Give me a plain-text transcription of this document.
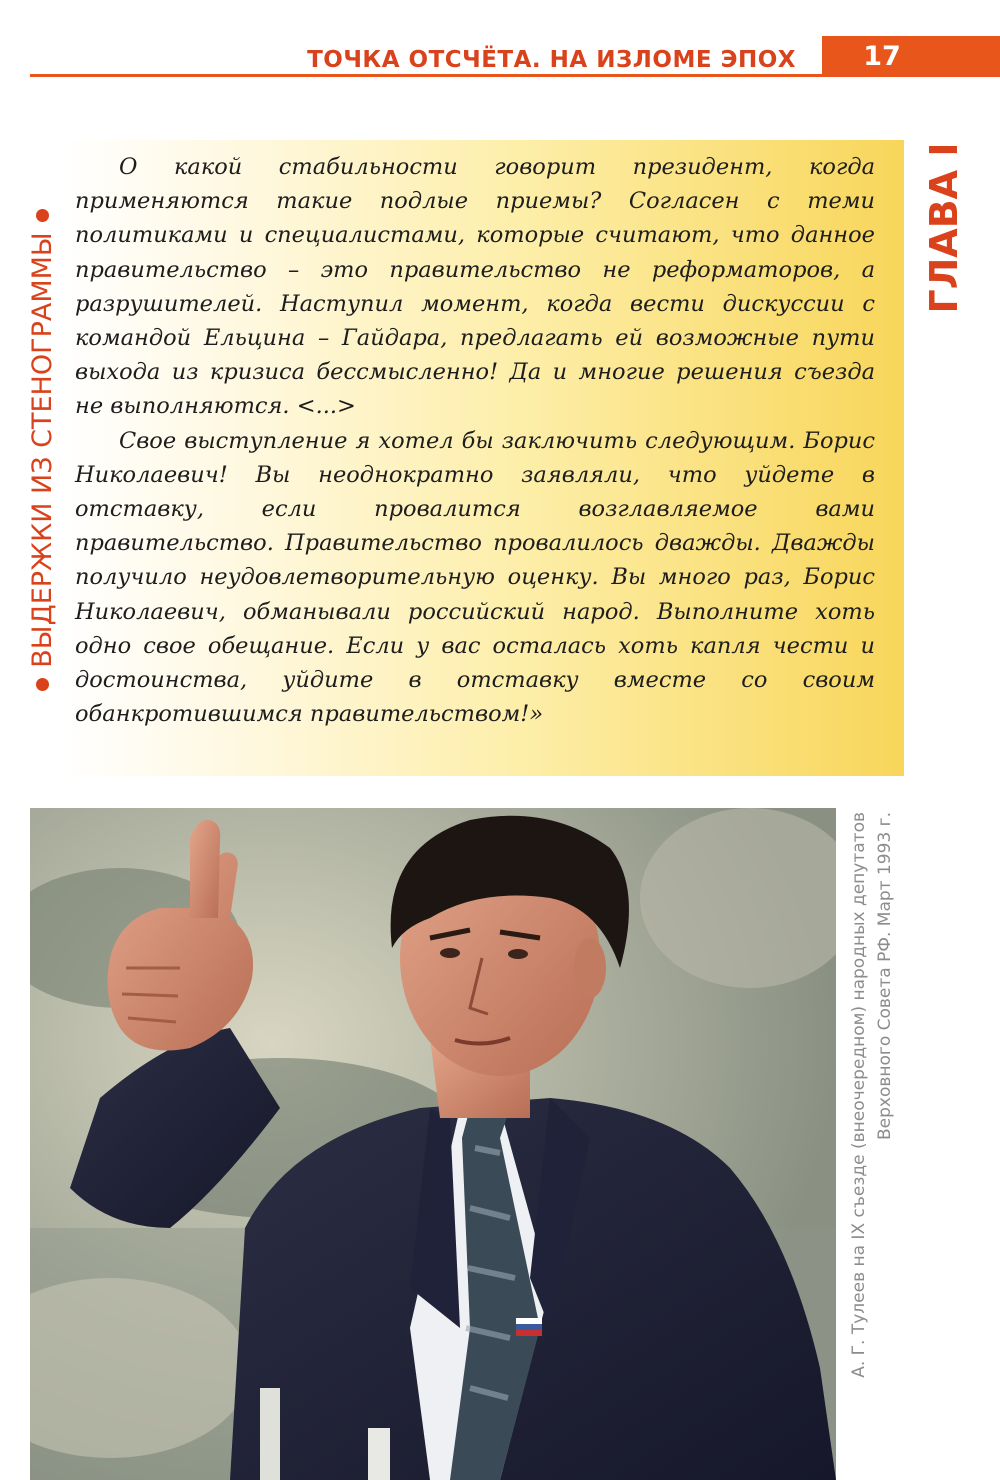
ТОЧКА ОТСЧЁТА. НА ИЗЛОМЕ ЭПОХ 17
ВЫДЕРЖКИ ИЗ СТЕНОГРАММЫ
ГЛАВА I

О какой стабильности говорит президент, когда применяются такие подлые приемы? Согласен с теми политиками и специалистами, которые считают, что данное правительство – это правительство не реформаторов, а разрушителей. Наступил момент, когда вести дискуссии с командой Ельцина – Гайдара, предлагать ей возможные пути выхода из кризиса бессмысленно! Да и многие решения съезда не выполняются. <...>

Свое выступление я хотел бы заключить следующим. Борис Николаевич! Вы неоднократно заявляли, что уйдете в отставку, если провалится возглавляемое вами правительство. Правительство провалилось дважды. Дважды получило неудовлетворительную оценку. Вы много раз, Борис Николаевич, обманывали российский народ. Выполните хоть одно свое обещание. Если у вас осталась хоть капля чести и достоинства, уйдите в отставку вместе со своим обанкротившимся правительством!»

А. Г. Тулеев на IX съезде (внеочередном) народных депутатов Верховного Совета РФ. Март 1993 г.
